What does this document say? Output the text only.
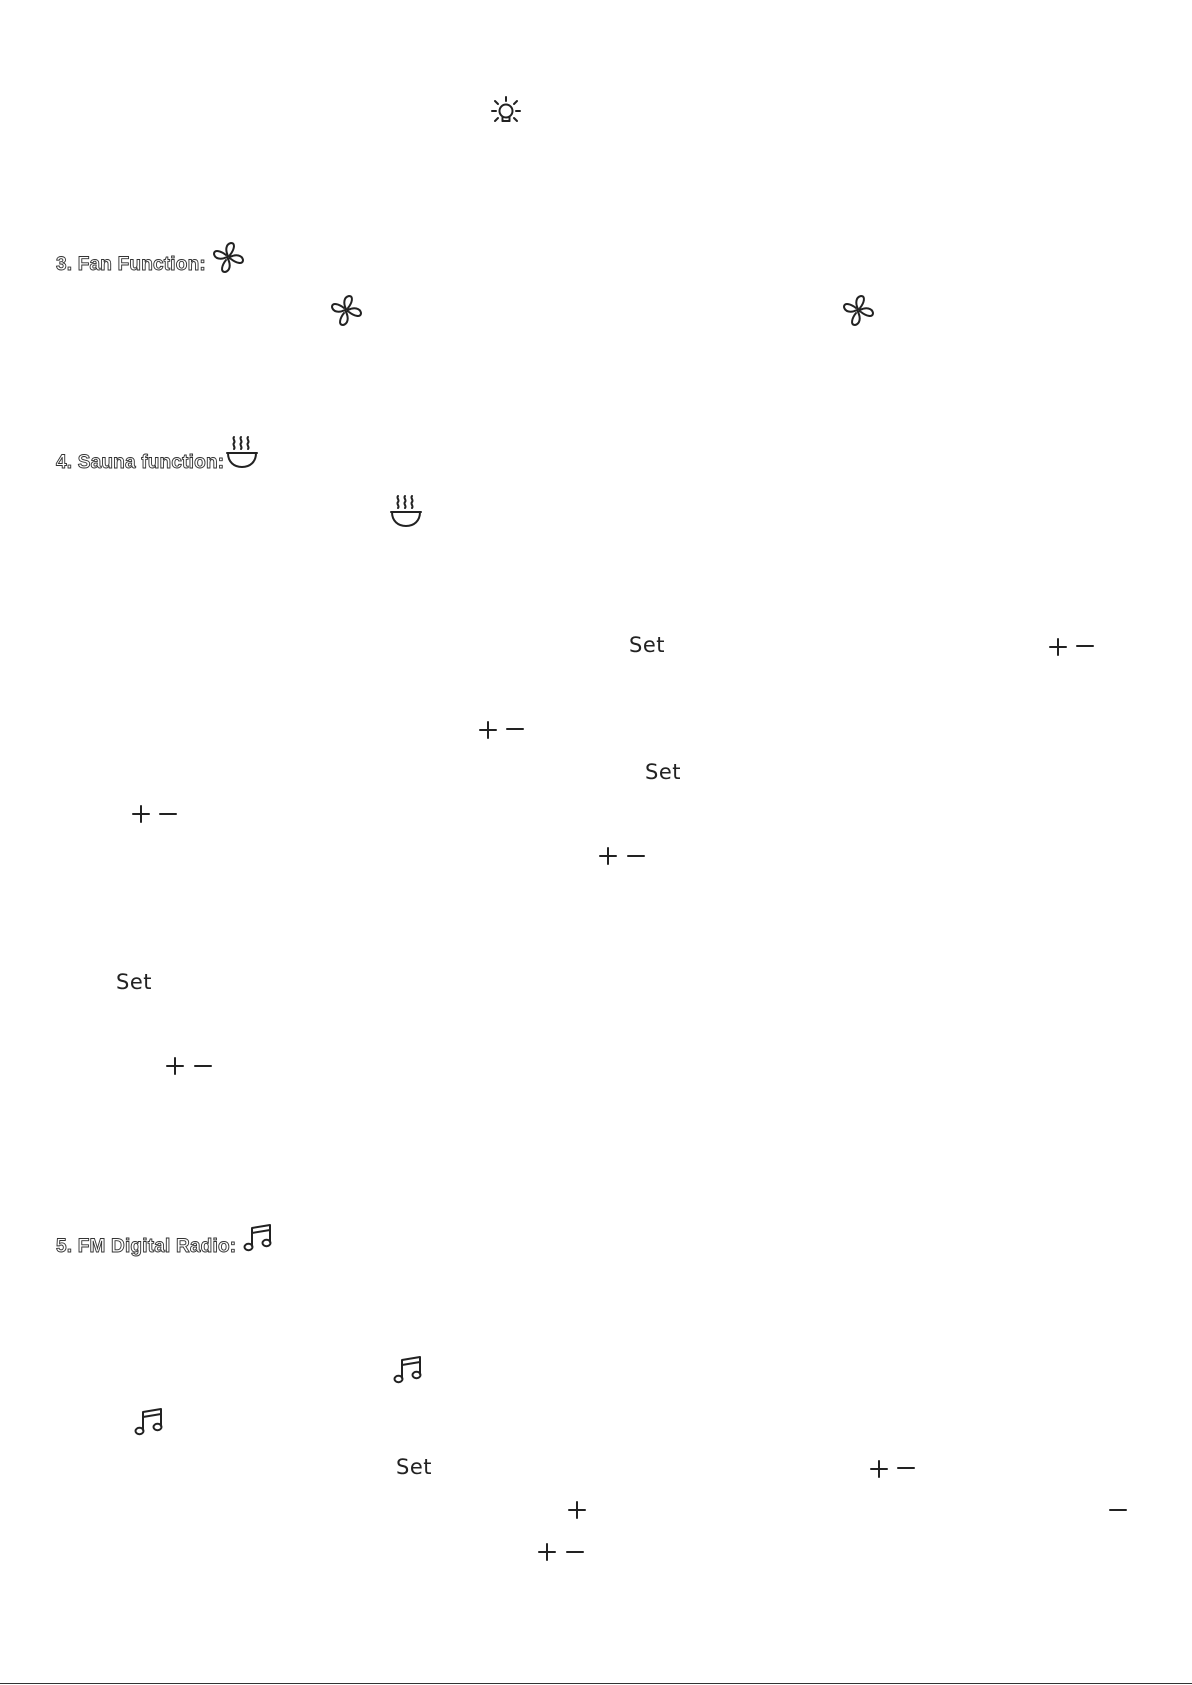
3. Fan Function:
4. Sauna function:
Set
Set
Set
5. FM Digital Radio:
Set
